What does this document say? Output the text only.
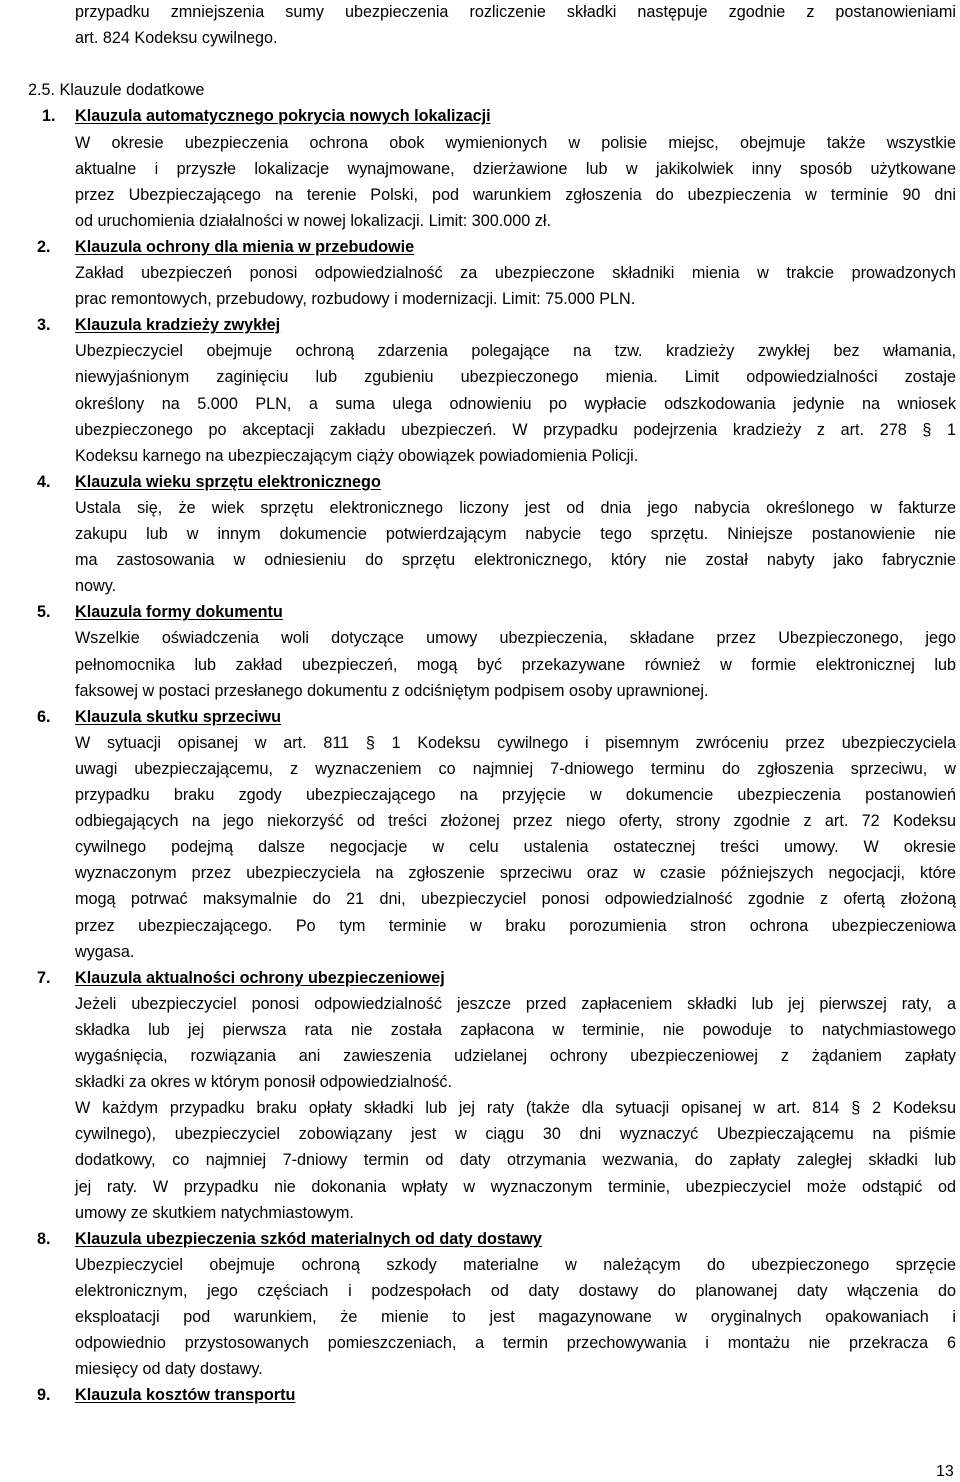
przypadku zmniejszenia sumy ubezpieczenia rozliczenie składki następuje zgodnie z postanowieniami
art. 824 Kodeksu cywilnego.
2.5. Klauzule dodatkowe
1. Klauzula automatycznego pokrycia nowych lokalizacji
W okresie ubezpieczenia ochrona obok wymienionych w polisie miejsc, obejmuje także wszystkie
aktualne i przyszłe lokalizacje wynajmowane, dzierżawione lub w jakikolwiek inny sposób użytkowane
przez Ubezpieczającego na terenie Polski, pod warunkiem zgłoszenia do ubezpieczenia w terminie 90 dni
od uruchomienia działalności w nowej lokalizacji. Limit: 300.000 zł.
2. Klauzula ochrony dla mienia w przebudowie
Zakład ubezpieczeń ponosi odpowiedzialność za ubezpieczone składniki mienia w trakcie prowadzonych
prac remontowych, przebudowy, rozbudowy i modernizacji. Limit: 75.000 PLN.
3. Klauzula kradzieży zwykłej
Ubezpieczyciel obejmuje ochroną zdarzenia polegające na tzw. kradzieży zwykłej bez włamania,
niewyjaśnionym zaginięciu lub zgubieniu ubezpieczonego mienia. Limit odpowiedzialności zostaje
określony na 5.000 PLN, a suma ulega odnowieniu po wypłacie odszkodowania jedynie na wniosek
ubezpieczonego po akceptacji zakładu ubezpieczeń. W przypadku podejrzenia kradzieży z art. 278 § 1
Kodeksu karnego na ubezpieczającym ciąży obowiązek powiadomienia Policji.
4. Klauzula wieku sprzętu elektronicznego
Ustala się, że wiek sprzętu elektronicznego liczony jest od dnia jego nabycia określonego w fakturze
zakupu lub w innym dokumencie potwierdzającym nabycie tego sprzętu. Niniejsze postanowienie nie
ma zastosowania w odniesieniu do sprzętu elektronicznego, który nie został nabyty jako fabrycznie
nowy.
5. Klauzula formy dokumentu
Wszelkie oświadczenia woli dotyczące umowy ubezpieczenia, składane przez Ubezpieczonego, jego
pełnomocnika lub zakład ubezpieczeń, mogą być przekazywane również w formie elektronicznej lub
faksowej w postaci przesłanego dokumentu z odciśniętym podpisem osoby uprawnionej.
6. Klauzula skutku sprzeciwu
W sytuacji opisanej w art. 811 § 1 Kodeksu cywilnego i pisemnym zwróceniu przez ubezpieczyciela
uwagi ubezpieczającemu, z wyznaczeniem co najmniej 7-dniowego terminu do zgłoszenia sprzeciwu, w
przypadku braku zgody ubezpieczającego na przyjęcie w dokumencie ubezpieczenia postanowień
odbiegających na jego niekorzyść od treści złożonej przez niego oferty, strony zgodnie z art. 72 Kodeksu
cywilnego podejmą dalsze negocjacje w celu ustalenia ostatecznej treści umowy. W okresie
wyznaczonym przez ubezpieczyciela na zgłoszenie sprzeciwu oraz w czasie późniejszych negocjacji, które
mogą potrwać maksymalnie do 21 dni, ubezpieczyciel ponosi odpowiedzialność zgodnie z ofertą złożoną
przez ubezpieczającego. Po tym terminie w braku porozumienia stron ochrona ubezpieczeniowa
wygasa.
7. Klauzula aktualności ochrony ubezpieczeniowej
Jeżeli ubezpieczyciel ponosi odpowiedzialność jeszcze przed zapłaceniem składki lub jej pierwszej raty, a
składka lub jej pierwsza rata nie została zapłacona w terminie, nie powoduje to natychmiastowego
wygaśnięcia, rozwiązania ani zawieszenia udzielanej ochrony ubezpieczeniowej z żądaniem zapłaty
składki za okres w którym ponosił odpowiedzialność.
W każdym przypadku braku opłaty składki lub jej raty (także dla sytuacji opisanej w art. 814 § 2 Kodeksu
cywilnego), ubezpieczyciel zobowiązany jest w ciągu 30 dni wyznaczyć Ubezpieczającemu na piśmie
dodatkowy, co najmniej 7-dniowy termin od daty otrzymania wezwania, do zapłaty zaległej składki lub
jej raty. W przypadku nie dokonania wpłaty w wyznaczonym terminie, ubezpieczyciel może odstąpić od
umowy ze skutkiem natychmiastowym.
8. Klauzula ubezpieczenia szkód materialnych od daty dostawy
Ubezpieczyciel obejmuje ochroną szkody materialne w należącym do ubezpieczonego sprzęcie
elektronicznym, jego częściach i podzespołach od daty dostawy do planowanej daty włączenia do
eksploatacji pod warunkiem, że mienie to jest magazynowane w oryginalnych opakowaniach i
odpowiednio przystosowanych pomieszczeniach, a termin przechowywania i montażu nie przekracza 6
miesięcy od daty dostawy.
9. Klauzula kosztów transportu
13
